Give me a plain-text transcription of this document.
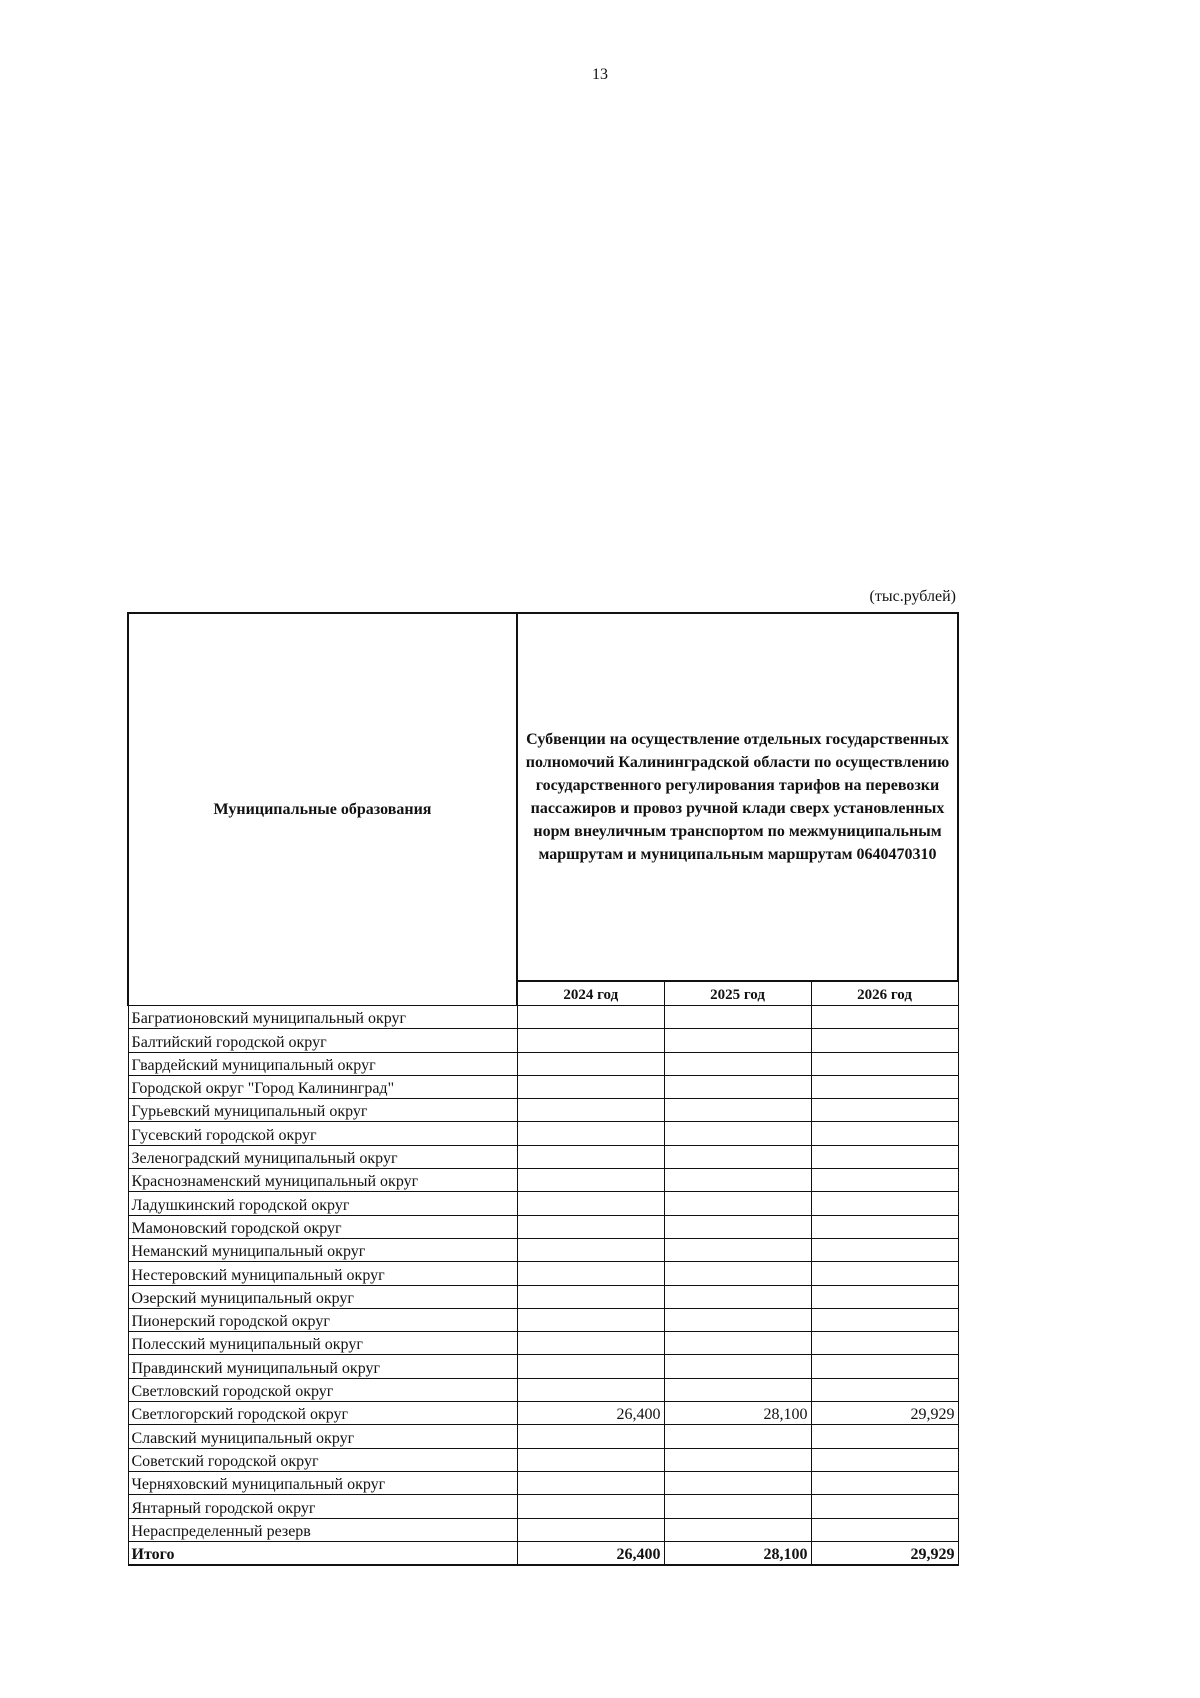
13
(тыс.рублей)
Муниципальные образования	Субвенции на осуществление отдельных государственных полномочий Калининградской области по осуществлению государственного регулирования тарифов на перевозки пассажиров и провоз ручной клади сверх установленных норм внеуличным транспортом по межмуниципальным маршрутам и муниципальным маршрутам 0640470310		
	2024 год	2025 год	2026 год
Багратионовский муниципальный округ			
Балтийский городской округ			
Гвардейский муниципальный округ			
Городской округ "Город Калининград"			
Гурьевский муниципальный округ			
Гусевский городской округ			
Зеленоградский муниципальный округ			
Краснознаменский муниципальный округ			
Ладушкинский городской округ			
Мамоновский городской округ			
Неманский муниципальный округ			
Нестеровский муниципальный округ			
Озерский муниципальный округ			
Пионерский городской округ			
Полесский муниципальный округ			
Правдинский муниципальный округ			
Светловский городской округ			
Светлогорский городской округ	26,400	28,100	29,929
Славский муниципальный округ			
Советский городской округ			
Черняховский муниципальный округ			
Янтарный городской округ			
Нераспределенный резерв			
Итого	26,400	28,100	29,929
